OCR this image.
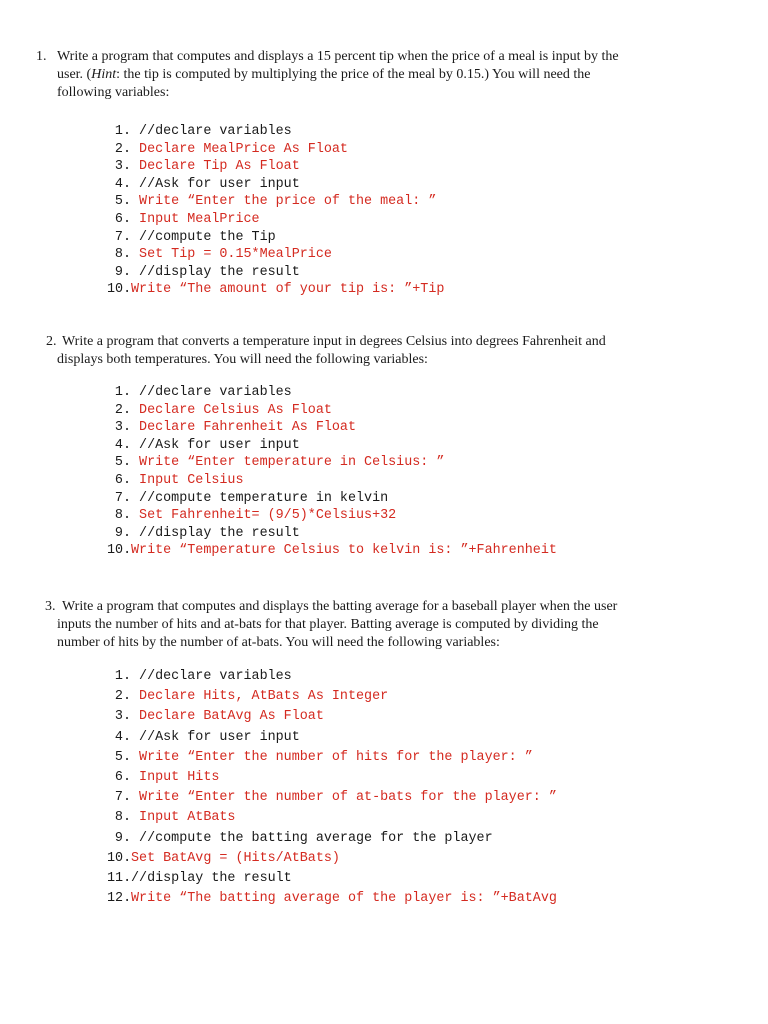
1. Write a program that computes and displays a 15 percent tip when the price of a meal is input by the
user. (Hint: the tip is computed by multiplying the price of the meal by 0.15.) You will need the
following variables:
1. //declare variables
2. Declare MealPrice As Float
3. Declare Tip As Float
4. //Ask for user input
5. Write “Enter the price of the meal: ”
6. Input MealPrice
7. //compute the Tip
8. Set Tip = 0.15*MealPrice
9. //display the result
10.Write “The amount of your tip is: ”+Tip
2. Write a program that converts a temperature input in degrees Celsius into degrees Fahrenheit and
displays both temperatures. You will need the following variables:
1. //declare variables
2. Declare Celsius As Float
3. Declare Fahrenheit As Float
4. //Ask for user input
5. Write “Enter temperature in Celsius: ”
6. Input Celsius
7. //compute temperature in kelvin
8. Set Fahrenheit= (9/5)*Celsius+32
9. //display the result
10.Write “Temperature Celsius to kelvin is: ”+Fahrenheit
3. Write a program that computes and displays the batting average for a baseball player when the user
inputs the number of hits and at-bats for that player. Batting average is computed by dividing the
number of hits by the number of at-bats. You will need the following variables:
1. //declare variables
2. Declare Hits, AtBats As Integer
3. Declare BatAvg As Float
4. //Ask for user input
5. Write “Enter the number of hits for the player: ”
6. Input Hits
7. Write “Enter the number of at-bats for the player: ”
8. Input AtBats
9. //compute the batting average for the player
10.Set BatAvg = (Hits/AtBats)
11.//display the result
12.Write “The batting average of the player is: ”+BatAvg
